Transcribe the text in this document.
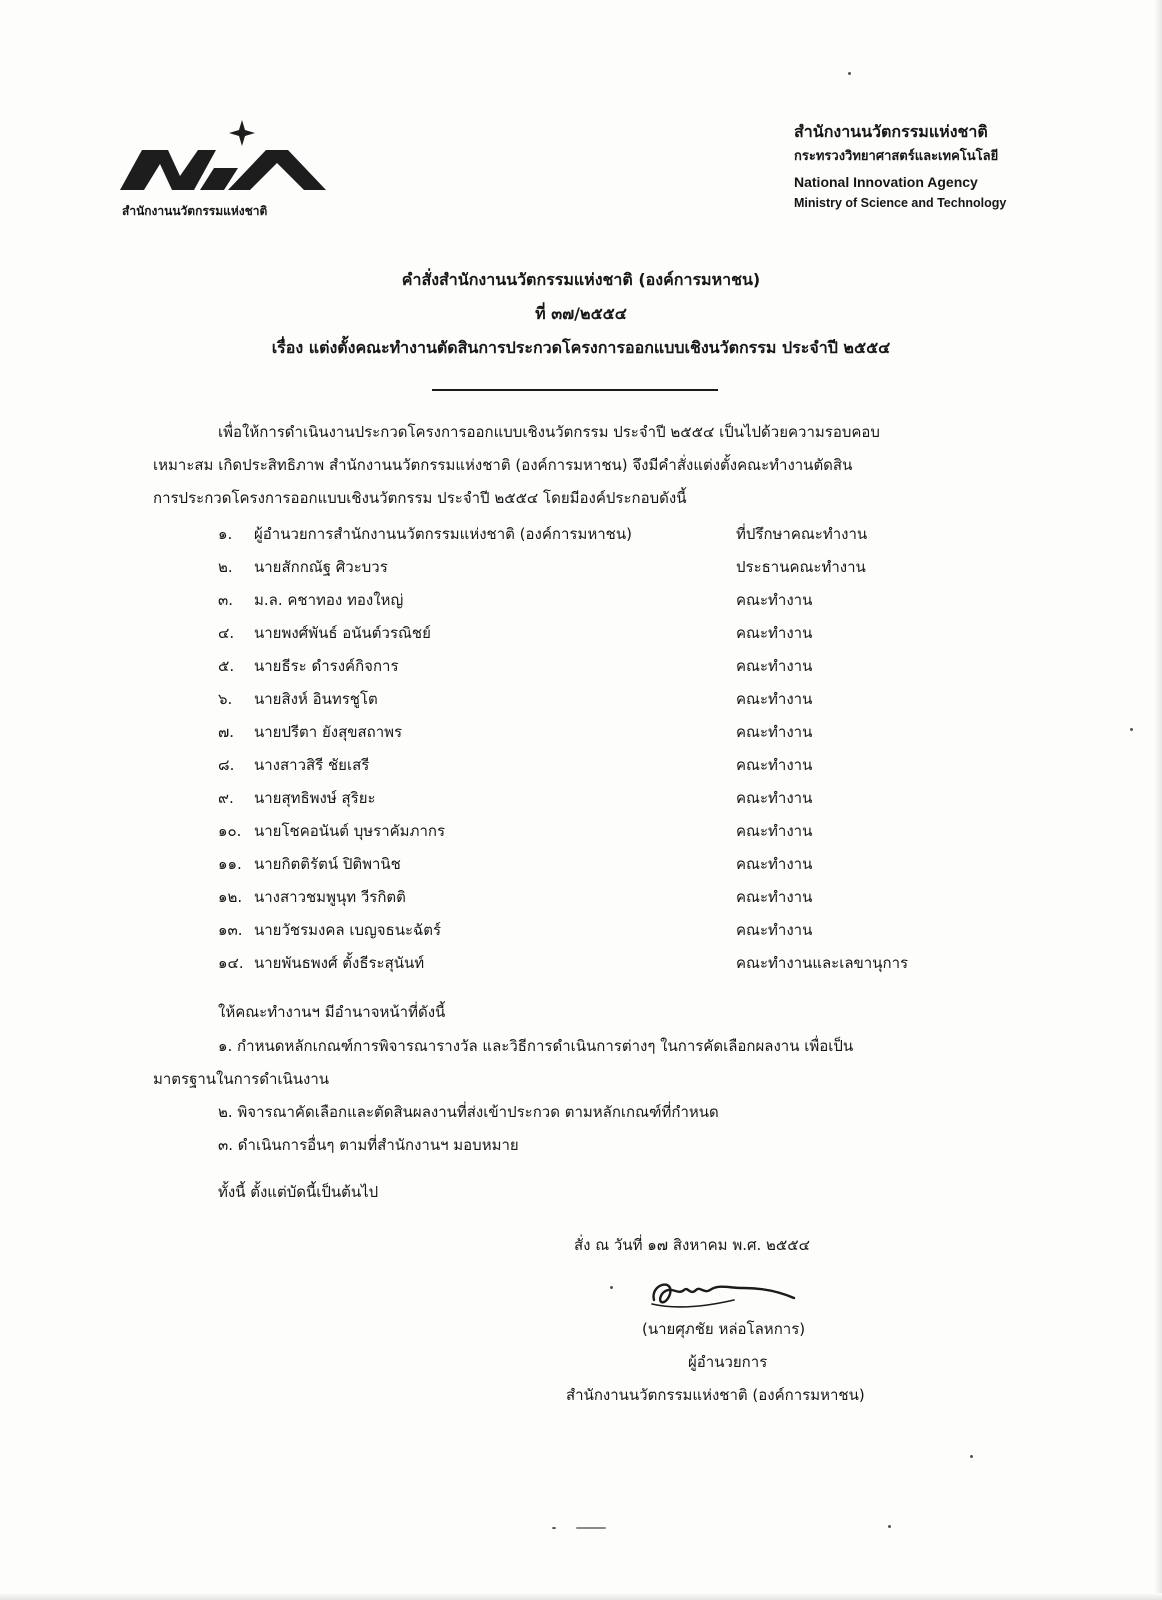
สำนักงานนวัตกรรมแห่งชาติ
สำนักงานนวัตกรรมแห่งชาติ
กระทรวงวิทยาศาสตร์และเทคโนโลยี
National Innovation Agency
Ministry of Science and Technology
คำสั่งสำนักงานนวัตกรรมแห่งชาติ (องค์การมหาชน)
ที่ ๓๗/๒๕๕๔
เรื่อง แต่งตั้งคณะทำงานตัดสินการประกวดโครงการออกแบบเชิงนวัตกรรม ประจำปี ๒๕๕๔
เพื่อให้การดำเนินงานประกวดโครงการออกแบบเชิงนวัตกรรม ประจำปี ๒๕๕๔ เป็นไปด้วยความรอบคอบ
เหมาะสม เกิดประสิทธิภาพ สำนักงานนวัตกรรมแห่งชาติ (องค์การมหาชน) จึงมีคำสั่งแต่งตั้งคณะทำงานตัดสิน
การประกวดโครงการออกแบบเชิงนวัตกรรม ประจำปี ๒๕๕๔ โดยมีองค์ประกอบดังนี้
๑. ผู้อำนวยการสำนักงานนวัตกรรมแห่งชาติ (องค์การมหาชน)	ที่ปรึกษาคณะทำงาน
๒. นายสักกณัฐ ศิวะบวร	ประธานคณะทำงาน
๓. ม.ล. คชาทอง ทองใหญ่	คณะทำงาน
๔. นายพงศ์พันธ์ อนันต์วรณิชย์	คณะทำงาน
๕. นายธีระ ดำรงค์กิจการ	คณะทำงาน
๖. นายสิงห์ อินทรชูโต	คณะทำงาน
๗. นายปรีตา ยังสุขสถาพร	คณะทำงาน
๘. นางสาวสิรี ชัยเสรี	คณะทำงาน
๙. นายสุทธิพงษ์ สุริยะ	คณะทำงาน
๑๐. นายโชคอนันต์ บุษราคัมภากร	คณะทำงาน
๑๑. นายกิตติรัตน์ ปิติพานิช	คณะทำงาน
๑๒. นางสาวชมพูนุท วีรกิตติ	คณะทำงาน
๑๓. นายวัชรมงคล เบญจธนะฉัตร์	คณะทำงาน
๑๔. นายพันธพงศ์ ตั้งธีระสุนันท์	คณะทำงานและเลขานุการ
ให้คณะทำงานฯ มีอำนาจหน้าที่ดังนี้
๑. กำหนดหลักเกณฑ์การพิจารณารางวัล และวิธีการดำเนินการต่างๆ ในการคัดเลือกผลงาน เพื่อเป็น
มาตรฐานในการดำเนินงาน
๒. พิจารณาคัดเลือกและตัดสินผลงานที่ส่งเข้าประกวด ตามหลักเกณฑ์ที่กำหนด
๓. ดำเนินการอื่นๆ ตามที่สำนักงานฯ มอบหมาย
ทั้งนี้ ตั้งแต่บัดนี้เป็นต้นไป
สั่ง ณ วันที่ ๑๗ สิงหาคม พ.ศ. ๒๕๕๔
(นายศุภชัย หล่อโลหการ)
ผู้อำนวยการ
สำนักงานนวัตกรรมแห่งชาติ (องค์การมหาชน)
